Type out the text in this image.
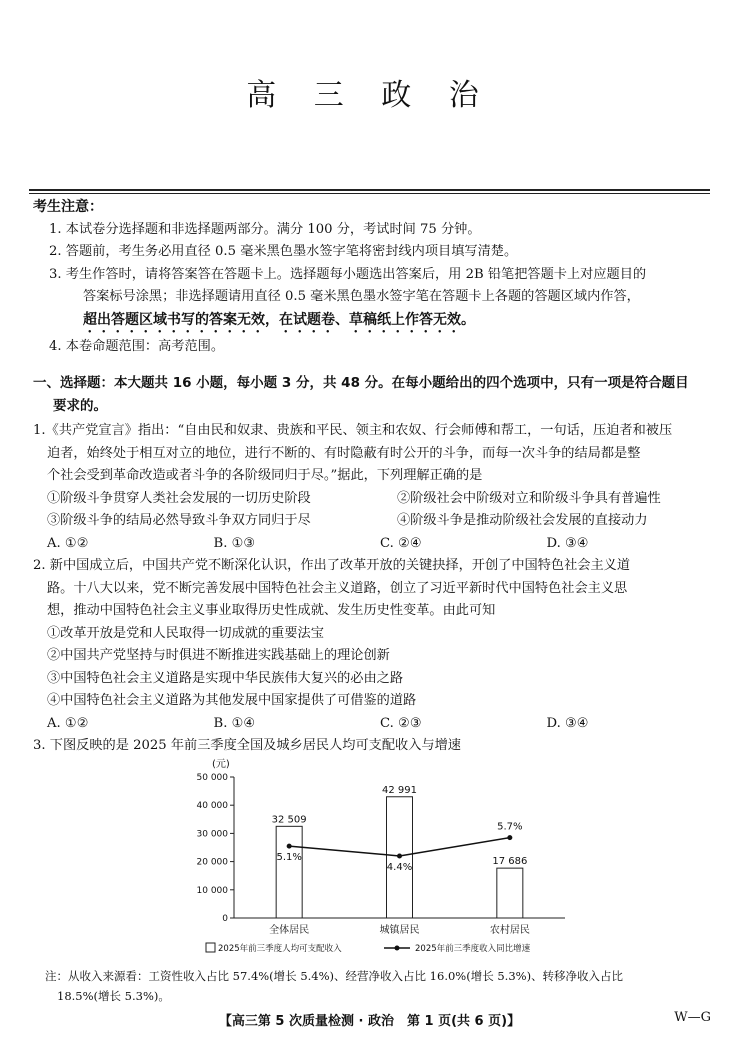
高 三 政 治
考生注意：
1. 本试卷分选择题和非选择题两部分。满分 100 分，考试时间 75 分钟。
2. 答题前，考生务必用直径 0.5 毫米黑色墨水签字笔将密封线内项目填写清楚。
3. 考生作答时，请将答案答在答题卡上。选择题每小题选出答案后，用 2B 铅笔把答题卡上对应题目的
答案标号涂黑；非选择题请用直径 0.5 毫米黑色墨水签字笔在答题卡上各题的答题区域内作答，
超出答题区域书写的答案无效，在试题卷、草稿纸上作答无效。
4. 本卷命题范围：高考范围。
一、选择题：本大题共 16 小题，每小题 3 分，共 48 分。在每小题给出的四个选项中，只有一项是符合题目
要求的。
1.《共产党宣言》指出：“自由民和奴隶、贵族和平民、领主和农奴、行会师傅和帮工，一句话，压迫者和被压
迫者，始终处于相互对立的地位，进行不断的、有时隐蔽有时公开的斗争，而每一次斗争的结局都是整
个社会受到革命改造或者斗争的各阶级同归于尽。”据此，下列理解正确的是
①阶级斗争贯穿人类社会发展的一切历史阶段	②阶级社会中阶级对立和阶级斗争具有普遍性
③阶级斗争的结局必然导致斗争双方同归于尽	④阶级斗争是推动阶级社会发展的直接动力
A. ①②	B. ①③	C. ②④	D. ③④
2. 新中国成立后，中国共产党不断深化认识，作出了改革开放的关键抉择，开创了中国特色社会主义道
路。十八大以来，党不断完善发展中国特色社会主义道路，创立了习近平新时代中国特色社会主义思
想，推动中国特色社会主义事业取得历史性成就、发生历史性变革。由此可知
①改革开放是党和人民取得一切成就的重要法宝
②中国共产党坚持与时俱进不断推进实践基础上的理论创新
③中国特色社会主义道路是实现中华民族伟大复兴的必由之路
④中国特色社会主义道路为其他发展中国家提供了可借鉴的道路
A. ①②	B. ①④	C. ②③	D. ③④
3. 下图反映的是 2025 年前三季度全国及城乡居民人均可支配收入与增速
(元)
0
10 000
20 000
30 000
40 000
50 000
32 509
全体居民
42 991
城镇居民
17 686
农村居民
5.1%
4.4%
5.7%
2025年前三季度人均可支配收入	2025年前三季度收入同比增速
注：从收入来源看：工资性收入占比 57.4%(增长 5.4%)、经营净收入占比 16.0%(增长 5.3%)、转移净收入占比
18.5%(增长 5.3%)。
【高三第 5 次质量检测 · 政治　第 1 页(共 6 页)】	W—G
